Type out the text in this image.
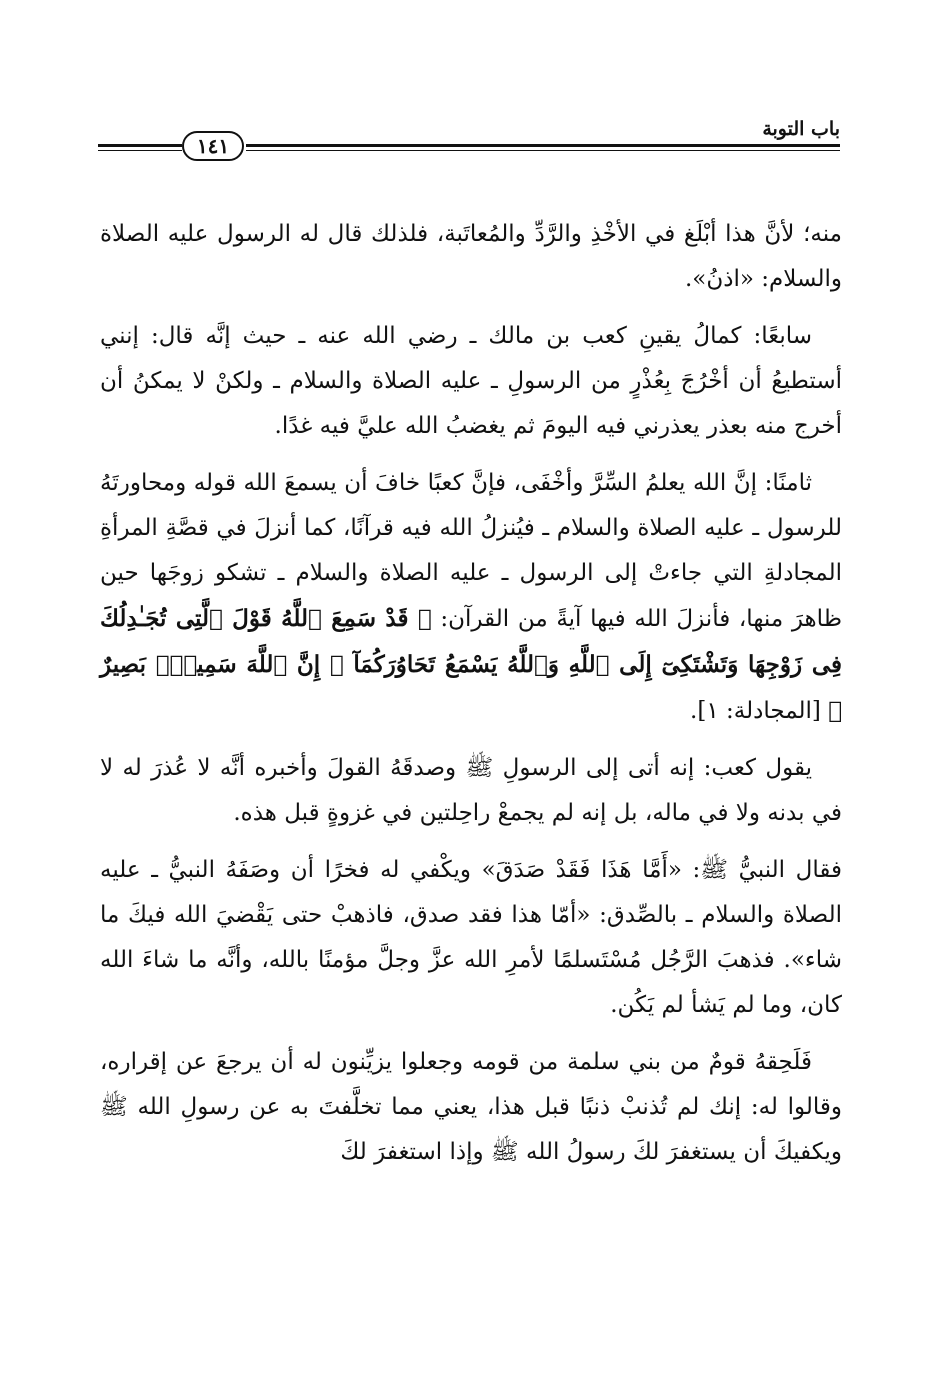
باب التوبة
١٤١

منه؛ لأنَّ هذا أبْلَغ في الأخْذِ والرَّدِّ والمُعاتَبة، فلذلك قال له الرسول عليه الصلاة والسلام: «اذنُ».

سابعًا: كمالُ يقينِ كعب بن مالك ـ رضي الله عنه ـ حيث إنَّه قال: إنني أستطيعُ أن أخْرُجَ بِعُذْرٍ من الرسولِ ـ عليه الصلاة والسلام ـ ولكنْ لا يمكنُ أن أخرج منه بعذر يعذرني فيه اليومَ ثم يغضبُ الله عليَّ فيه غدًا.

ثامنًا: إنَّ الله يعلمُ السِّرَّ وأخْفَى، فإنَّ كعبًا خافَ أن يسمعَ الله قوله ومحاورتَهُ للرسول ـ عليه الصلاة والسلام ـ فيُنزلُ الله فيه قرآنًا، كما أنزلَ في قصَّةِ المرأةِ المجادلةِ التي جاءتْ إلى الرسول ـ عليه الصلاة والسلام ـ تشكو زوجَها حين ظاهرَ منها، فأنزلَ الله فيها آيةً من القرآن: ﴿ قَدْ سَمِعَ ٱللَّهُ قَوْلَ ٱلَّتِى تُجَـٰدِلُكَ فِى زَوْجِهَا وَتَشْتَكِىٓ إِلَى ٱللَّهِ وَٱللَّهُ يَسْمَعُ تَحَاوُرَكُمَآ ۚ إِنَّ ٱللَّهَ سَمِيعٌۢ بَصِيرٌ ﴾ [المجادلة: ١].

يقول كعب: إنه أتى إلى الرسولِ ﷺ وصدقَهُ القولَ وأخبره أنَّه لا عُذرَ له لا في بدنه ولا في ماله، بل إنه لم يجمعْ راحِلتين في غزوةٍ قبل هذه.

فقال النبيُّ ﷺ: «أَمَّا هَذَا فَقَدْ صَدَقَ» ويكْفي له فخرًا أن وصَفَهُ النبيُّ ـ عليه الصلاة والسلام ـ بالصِّدق: «أمّا هذا فقد صدق، فاذهبْ حتى يَقْضيَ الله فيكَ ما شاء». فذهبَ الرَّجُل مُسْتَسلمًا لأمرِ الله عزَّ وجلَّ مؤمنًا بالله، وأنَّه ما شاءَ الله كان، وما لم يَشأ لم يَكُن.

فَلَحِقهُ قومٌ من بني سلمة من قومه وجعلوا يزيِّنون له أن يرجعَ عن إقراره، وقالوا له: إنك لم تُذنبْ ذنبًا قبل هذا، يعني مما تخلَّفتَ به عن رسولِ الله ﷺ ويكفيكَ أن يستغفرَ لكَ رسولُ الله ﷺ وإذا استغفرَ لكَ
